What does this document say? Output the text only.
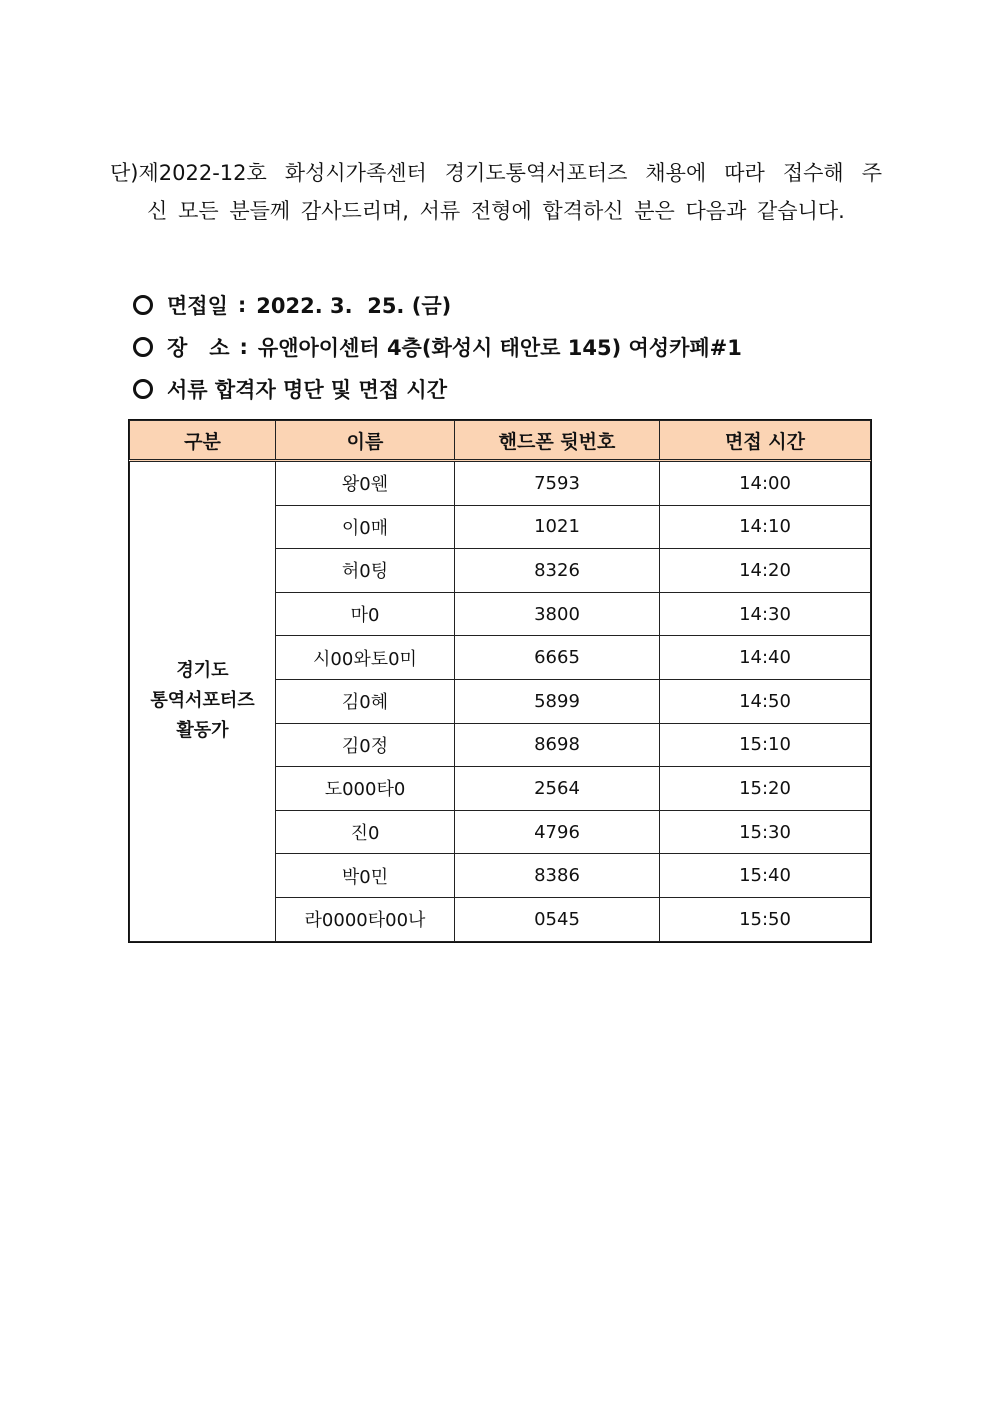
단)제2022-12호 화성시가족센터 경기도통역서포터즈 채용에 따라 접수해 주

신 모든 분들께 감사드리며, 서류 전형에 합격하신 분은 다음과 같습니다.

면접일 : 2022. 3.  25. (금)
장   소 : 유앤아이센터 4층(화성시 태안로 145) 여성카페#1
서류 합격자 명단 및 면접 시간
구분	이름	핸드폰 뒷번호	면접 시간

경기도
통역서포터즈
활동가	왕0웬	7593	14:00
	이0매	1021	14:10
	허0팅	8326	14:20
	마0	3800	14:30
	시00와토0미	6665	14:40
	김0혜	5899	14:50
	김0정	8698	15:10
	도000타0	2564	15:20
	진0	4796	15:30
	박0민	8386	15:40
	라0000타00나	0545	15:50
